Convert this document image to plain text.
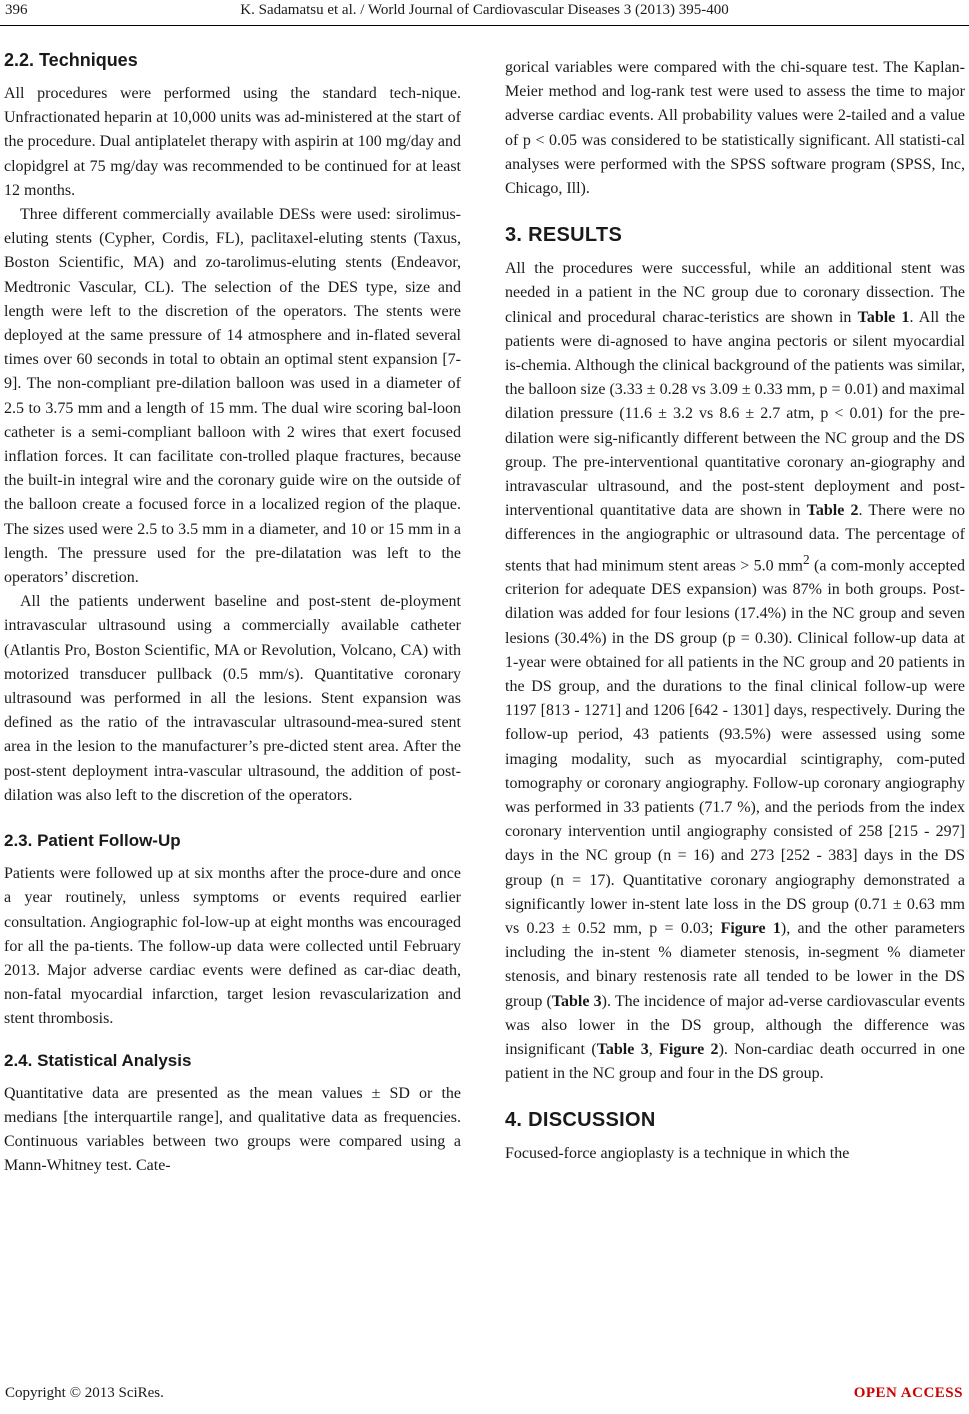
396	K. Sadamatsu et al. / World Journal of Cardiovascular Diseases 3 (2013) 395-400
2.2. Techniques

All procedures were performed using the standard tech-nique. Unfractionated heparin at 10,000 units was ad-ministered at the start of the procedure. Dual antiplatelet therapy with aspirin at 100 mg/day and clopidgrel at 75 mg/day was recommended to be continued for at least 12 months.

Three different commercially available DESs were used: sirolimus-eluting stents (Cypher, Cordis, FL), paclitaxel-eluting stents (Taxus, Boston Scientific, MA) and zo-tarolimus-eluting stents (Endeavor, Medtronic Vascular, CL). The selection of the DES type, size and length were left to the discretion of the operators. The stents were deployed at the same pressure of 14 atmosphere and in-flated several times over 60 seconds in total to obtain an optimal stent expansion [7-9]. The non-compliant pre-dilation balloon was used in a diameter of 2.5 to 3.75 mm and a length of 15 mm. The dual wire scoring bal-loon catheter is a semi-compliant balloon with 2 wires that exert focused inflation forces. It can facilitate con-trolled plaque fractures, because the built-in integral wire and the coronary guide wire on the outside of the balloon create a focused force in a localized region of the plaque. The sizes used were 2.5 to 3.5 mm in a diameter, and 10 or 15 mm in a length. The pressure used for the pre-dilatation was left to the operators’ discretion.

All the patients underwent baseline and post-stent de-ployment intravascular ultrasound using a commercially available catheter (Atlantis Pro, Boston Scientific, MA or Revolution, Volcano, CA) with motorized transducer pullback (0.5 mm/s). Quantitative coronary ultrasound was performed in all the lesions. Stent expansion was defined as the ratio of the intravascular ultrasound-mea-sured stent area in the lesion to the manufacturer’s pre-dicted stent area. After the post-stent deployment intra-vascular ultrasound, the addition of post-dilation was also left to the discretion of the operators.

2.3. Patient Follow-Up

Patients were followed up at six months after the proce-dure and once a year routinely, unless symptoms or events required earlier consultation. Angiographic fol-low-up at eight months was encouraged for all the pa-tients. The follow-up data were collected until February 2013. Major adverse cardiac events were defined as car-diac death, non-fatal myocardial infarction, target lesion revascularization and stent thrombosis.

2.4. Statistical Analysis

Quantitative data are presented as the mean values ± SD or the medians [the interquartile range], and qualitative data as frequencies. Continuous variables between two groups were compared using a Mann-Whitney test. Cate-

gorical variables were compared with the chi-square test. The Kaplan-Meier method and log-rank test were used to assess the time to major adverse cardiac events. All probability values were 2-tailed and a value of p < 0.05 was considered to be statistically significant. All statisti-cal analyses were performed with the SPSS software program (SPSS, Inc, Chicago, Ill).

3. RESULTS

All the procedures were successful, while an additional stent was needed in a patient in the NC group due to coronary dissection. The clinical and procedural charac-teristics are shown in Table 1. All the patients were di-agnosed to have angina pectoris or silent myocardial is-chemia. Although the clinical background of the patients was similar, the balloon size (3.33 ± 0.28 vs 3.09 ± 0.33 mm, p = 0.01) and maximal dilation pressure (11.6 ± 3.2 vs 8.6 ± 2.7 atm, p < 0.01) for the pre-dilation were sig-nificantly different between the NC group and the DS group. The pre-interventional quantitative coronary an-giography and intravascular ultrasound, and the post-stent deployment and post-interventional quantitative data are shown in Table 2. There were no differences in the angiographic or ultrasound data. The percentage of stents that had minimum stent areas > 5.0 $mm^2$ (a com-monly accepted criterion for adequate DES expansion) was 87% in both groups. Post-dilation was added for four lesions (17.4%) in the NC group and seven lesions (30.4%) in the DS group (p = 0.30). Clinical follow-up data at 1-year were obtained for all patients in the NC group and 20 patients in the DS group, and the durations to the final clinical follow-up were 1197 [813 - 1271] and 1206 [642 - 1301] days, respectively. During the follow-up period, 43 patients (93.5%) were assessed using some imaging modality, such as myocardial scintigraphy, com-puted tomography or coronary angiography. Follow-up coronary angiography was performed in 33 patients (71.7 %), and the periods from the index coronary intervention until angiography consisted of 258 [215 - 297] days in the NC group (n = 16) and 273 [252 - 383] days in the DS group (n = 17). Quantitative coronary angiography demonstrated a significantly lower in-stent late loss in the DS group (0.71 ± 0.63 mm vs 0.23 ± 0.52 mm, p = 0.03; Figure 1), and the other parameters including the in-stent % diameter stenosis, in-segment % diameter stenosis, and binary restenosis rate all tended to be lower in the DS group (Table 3). The incidence of major ad-verse cardiovascular events was also lower in the DS group, although the difference was insignificant (Table 3, Figure 2). Non-cardiac death occurred in one patient in the NC group and four in the DS group.

4. DISCUSSION

Focused-force angioplasty is a technique in which the

Copyright © 2013 SciRes.	OPEN ACCESS
